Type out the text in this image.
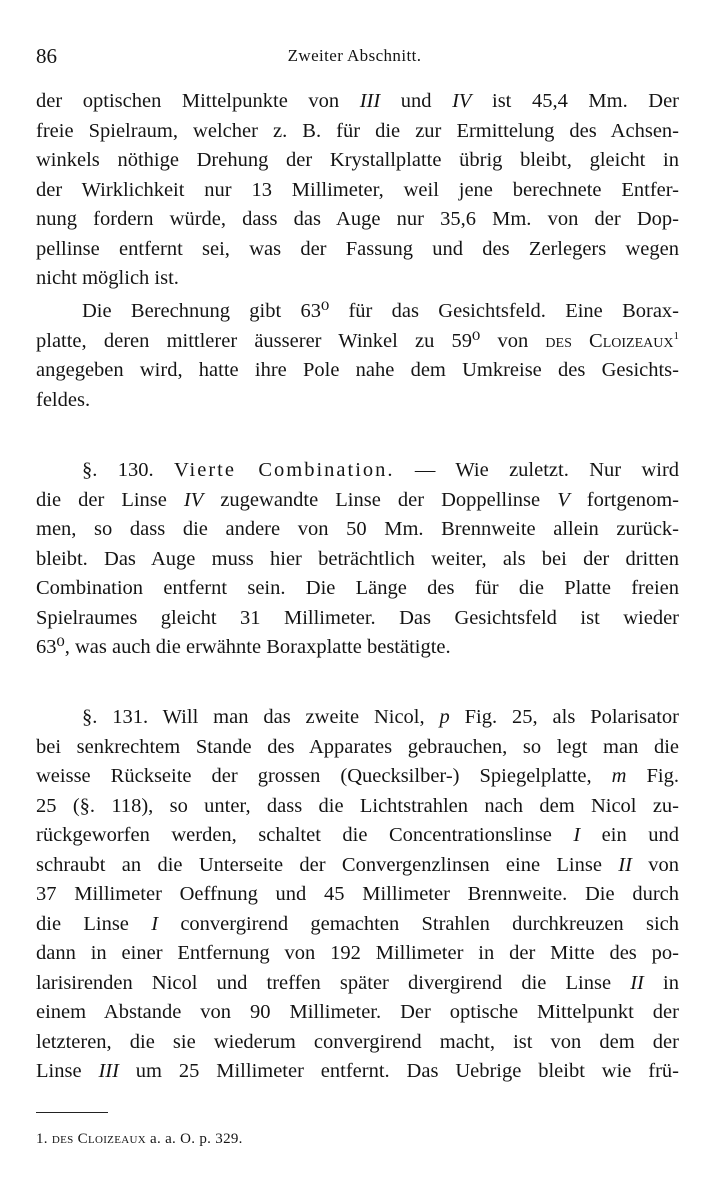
86	Zweiter Abschnitt.
der optischen Mittelpunkte von III und IV ist 45,4 Mm. Der
freie Spielraum, welcher z. B. für die zur Ermittelung des Achsen-
winkels nöthige Drehung der Krystallplatte übrig bleibt, gleicht in
der Wirklichkeit nur 13 Millimeter, weil jene berechnete Entfer-
nung fordern würde, dass das Auge nur 35,6 Mm. von der Dop-
pellinse entfernt sei, was der Fassung und des Zerlegers wegen
nicht möglich ist.
Die Berechnung gibt 63⁰ für das Gesichtsfeld. Eine Borax-
platte, deren mittlerer äusserer Winkel zu 59⁰ von des Cloizeaux$^1$
angegeben wird, hatte ihre Pole nahe dem Umkreise des Gesichts-
feldes.
§. 130. Vierte Combination. — Wie zuletzt. Nur wird
die der Linse IV zugewandte Linse der Doppellinse V fortgenom-
men, so dass die andere von 50 Mm. Brennweite allein zurück-
bleibt. Das Auge muss hier beträchtlich weiter, als bei der dritten
Combination entfernt sein. Die Länge des für die Platte freien
Spielraumes gleicht 31 Millimeter. Das Gesichtsfeld ist wieder
63⁰, was auch die erwähnte Boraxplatte bestätigte.
§. 131. Will man das zweite Nicol, p Fig. 25, als Polarisator
bei senkrechtem Stande des Apparates gebrauchen, so legt man die
weisse Rückseite der grossen (Quecksilber-) Spiegelplatte, m Fig.
25 (§. 118), so unter, dass die Lichtstrahlen nach dem Nicol zu-
rückgeworfen werden, schaltet die Concentrationslinse I ein und
schraubt an die Unterseite der Convergenzlinsen eine Linse II von
37 Millimeter Oeffnung und 45 Millimeter Brennweite. Die durch
die Linse I convergirend gemachten Strahlen durchkreuzen sich
dann in einer Entfernung von 192 Millimeter in der Mitte des po-
larisirenden Nicol und treffen später divergirend die Linse II in
einem Abstande von 90 Millimeter. Der optische Mittelpunkt der
letzteren, die sie wiederum convergirend macht, ist von dem der
Linse III um 25 Millimeter entfernt. Das Uebrige bleibt wie frü-
1. des Cloizeaux a. a. O. p. 329.
